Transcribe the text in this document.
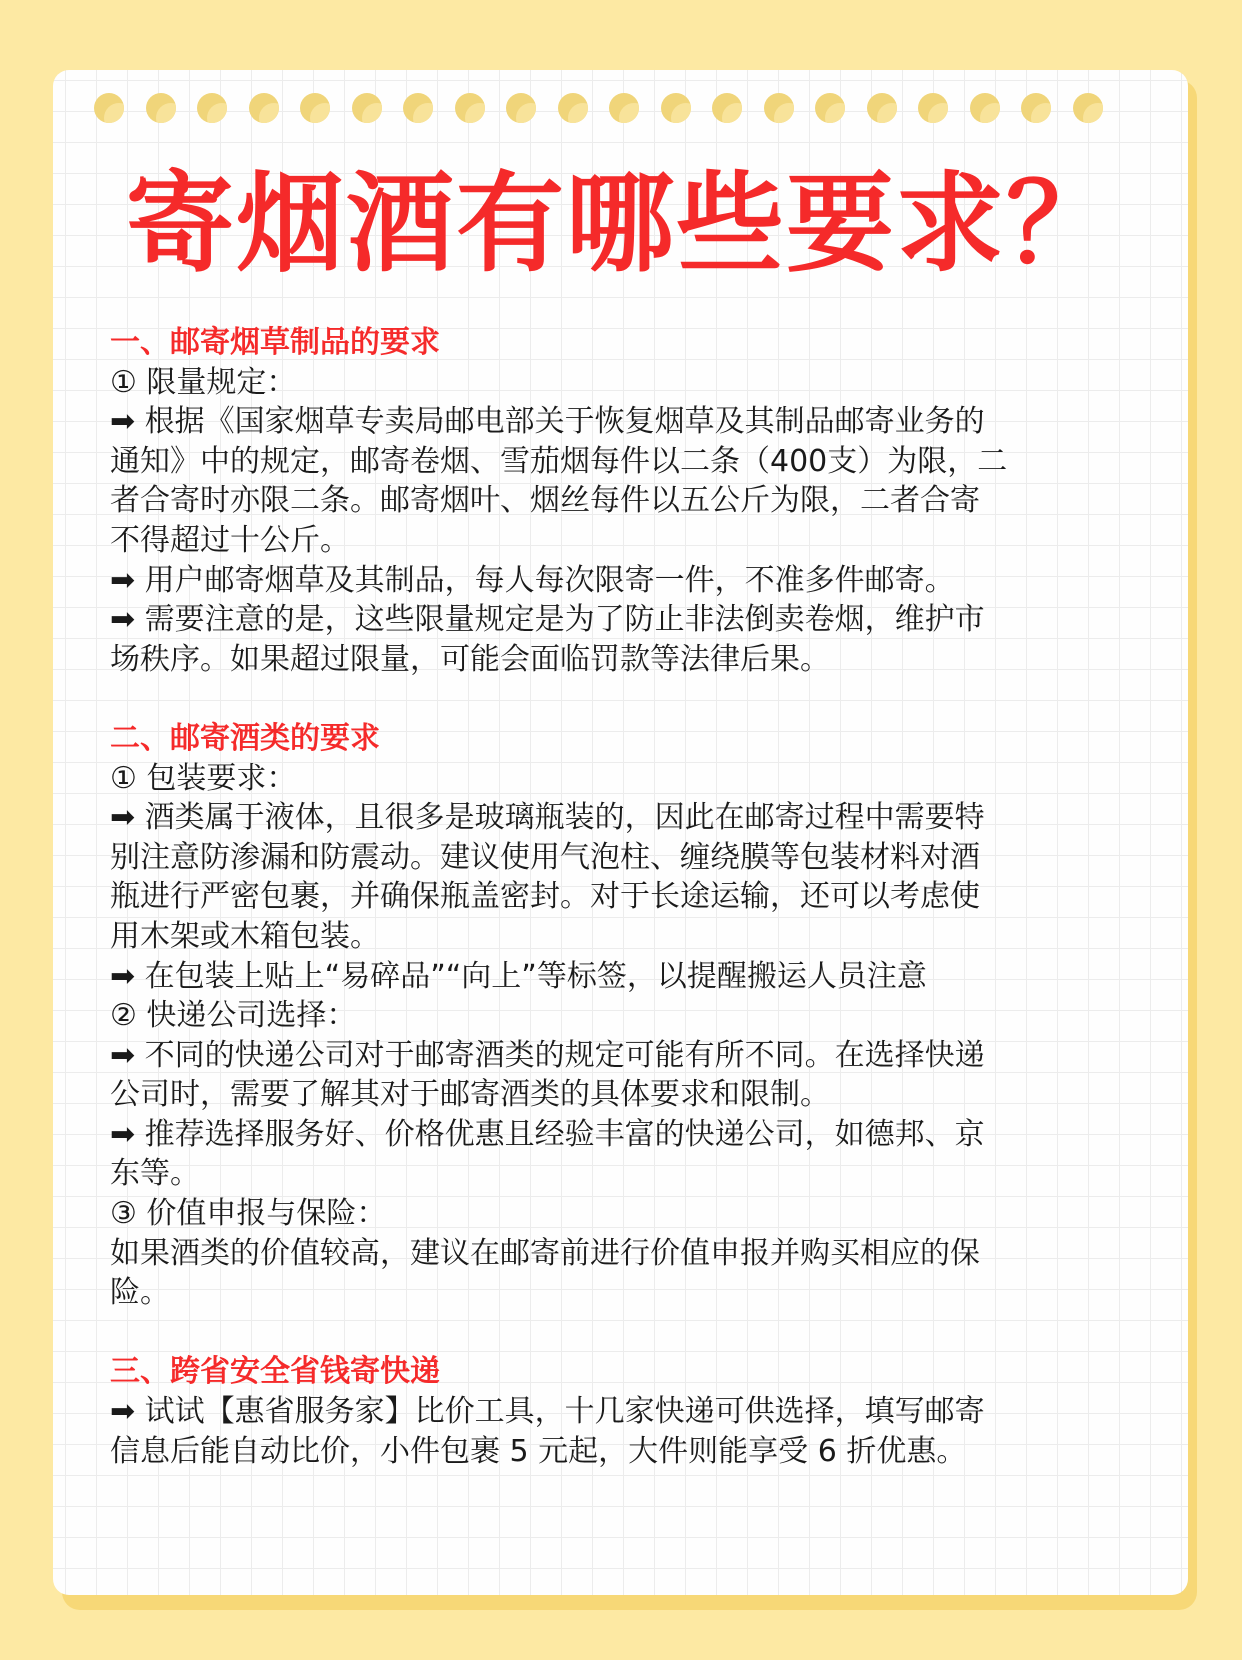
寄烟酒有哪些要求？
一、邮寄烟草制品的要求
① 限量规定：
➡ 根据《国家烟草专卖局邮电部关于恢复烟草及其制品邮寄业务的
通知》中的规定，邮寄卷烟、雪茄烟每件以二条（400支）为限，二
者合寄时亦限二条。邮寄烟叶、烟丝每件以五公斤为限，二者合寄
不得超过十公斤。
➡ 用户邮寄烟草及其制品，每人每次限寄一件，不准多件邮寄。
➡ 需要注意的是，这些限量规定是为了防止非法倒卖卷烟，维护市
场秩序。如果超过限量，可能会面临罚款等法律后果。
二、邮寄酒类的要求
① 包装要求：
➡ 酒类属于液体，且很多是玻璃瓶装的，因此在邮寄过程中需要特
别注意防渗漏和防震动。建议使用气泡柱、缠绕膜等包装材料对酒
瓶进行严密包裹，并确保瓶盖密封。对于长途运输，还可以考虑使
用木架或木箱包装。
➡ 在包装上贴上“易碎品”“向上”等标签，以提醒搬运人员注意
② 快递公司选择：
➡ 不同的快递公司对于邮寄酒类的规定可能有所不同。在选择快递
公司时，需要了解其对于邮寄酒类的具体要求和限制。
➡ 推荐选择服务好、价格优惠且经验丰富的快递公司，如德邦、京
东等。
③ 价值申报与保险：
如果酒类的价值较高，建议在邮寄前进行价值申报并购买相应的保
险。
三、跨省安全省钱寄快递
➡ 试试【惠省服务家】比价工具，十几家快递可供选择，填写邮寄
信息后能自动比价，小件包裹 5 元起，大件则能享受 6 折优惠。
